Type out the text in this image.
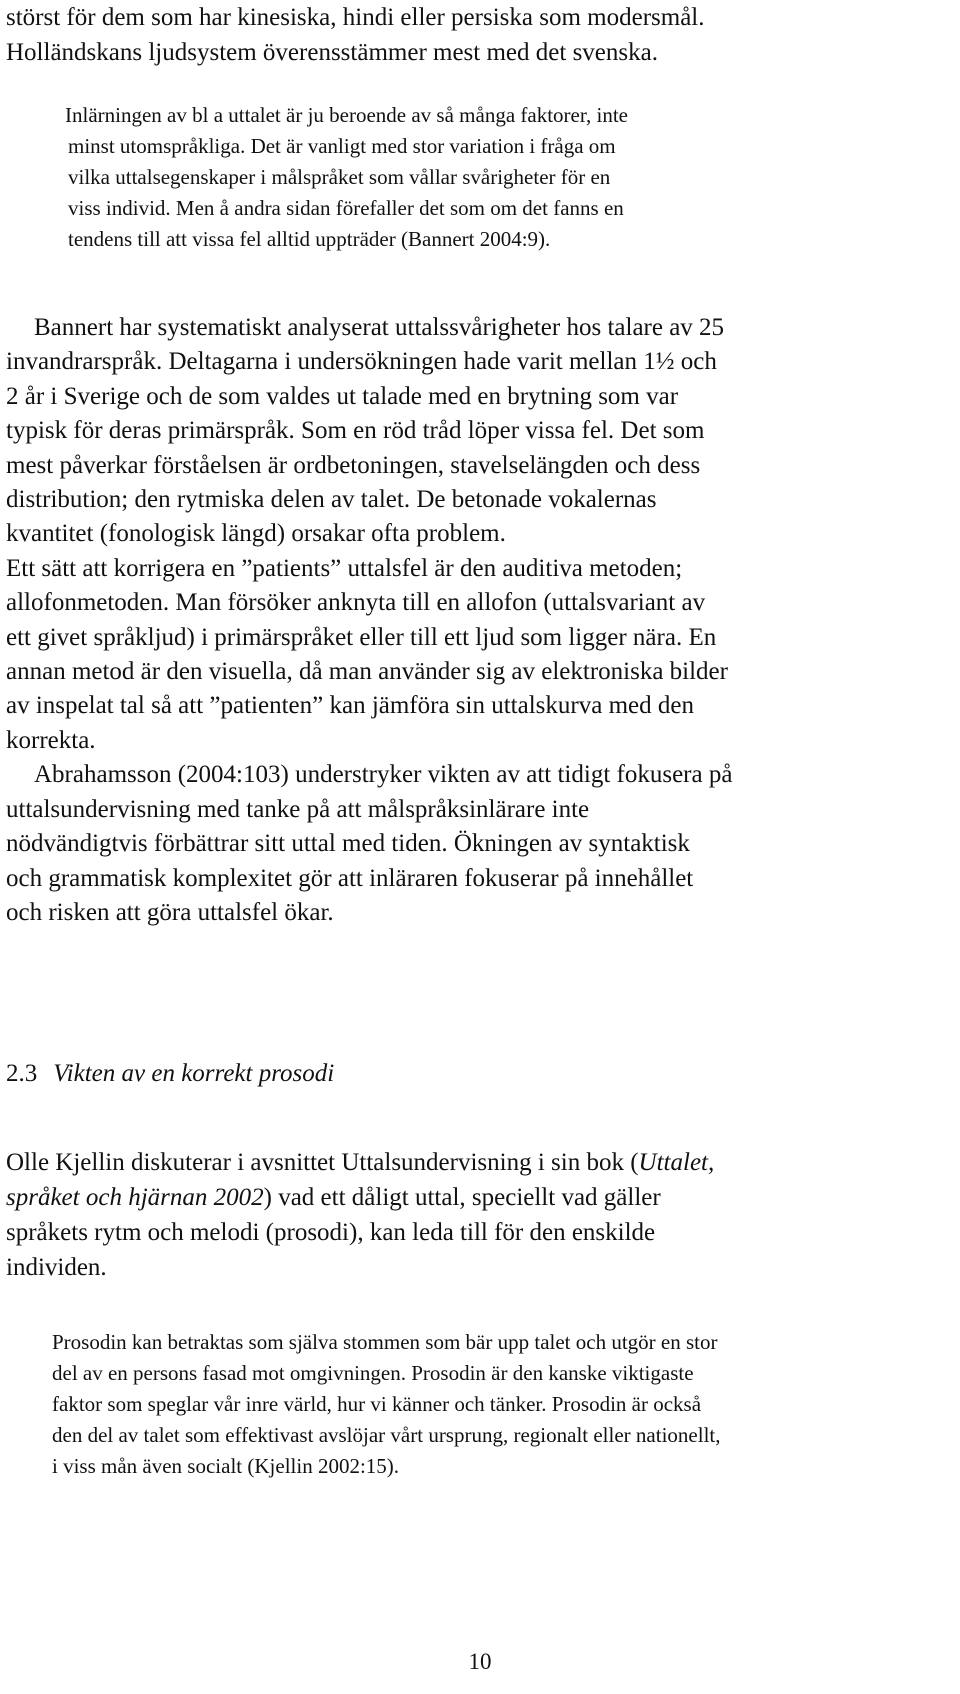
störst för dem som har kinesiska, hindi eller persiska som modersmål.
Holländskans ljudsystem överensstämmer mest med det svenska.
Inlärningen av bl a uttalet är ju beroende av så många faktorer, inte
minst utomspråkliga. Det är vanligt med stor variation i fråga om
vilka uttalsegenskaper i målspråket som vållar svårigheter för en
viss individ. Men å andra sidan förefaller det som om det fanns en
tendens till att vissa fel alltid uppträder (Bannert 2004:9).
Bannert har systematiskt analyserat uttalssvårigheter hos talare av 25
invandrarspråk. Deltagarna i undersökningen hade varit mellan 1½ och
2 år i Sverige och de som valdes ut talade med en brytning som var
typisk för deras primärspråk. Som en röd tråd löper vissa fel. Det som
mest påverkar förståelsen är ordbetoningen, stavelselängden och dess
distribution; den rytmiska delen av talet. De betonade vokalernas
kvantitet (fonologisk längd) orsakar ofta problem.
Ett sätt att korrigera en ”patients” uttalsfel är den auditiva metoden;
allofonmetoden. Man försöker anknyta till en allofon (uttalsvariant av
ett givet språkljud) i primärspråket eller till ett ljud som ligger nära. En
annan metod är den visuella, då man använder sig av elektroniska bilder
av inspelat tal så att ”patienten” kan jämföra sin uttalskurva med den
korrekta.
Abrahamsson (2004:103) understryker vikten av att tidigt fokusera på
uttalsundervisning med tanke på att målspråksinlärare inte
nödvändigtvis förbättrar sitt uttal med tiden. Ökningen av syntaktisk
och grammatisk komplexitet gör att inläraren fokuserar på innehållet
och risken att göra uttalsfel ökar.
2.3 Vikten av en korrekt prosodi
Olle Kjellin diskuterar i avsnittet Uttalsundervisning i sin bok (Uttalet,
språket och hjärnan 2002) vad ett dåligt uttal, speciellt vad gäller
språkets rytm och melodi (prosodi), kan leda till för den enskilde
individen.
Prosodin kan betraktas som själva stommen som bär upp talet och utgör en stor
del av en persons fasad mot omgivningen. Prosodin är den kanske viktigaste
faktor som speglar vår inre värld, hur vi känner och tänker. Prosodin är också
den del av talet som effektivast avslöjar vårt ursprung, regionalt eller nationellt,
i viss mån även socialt (Kjellin 2002:15).
10
